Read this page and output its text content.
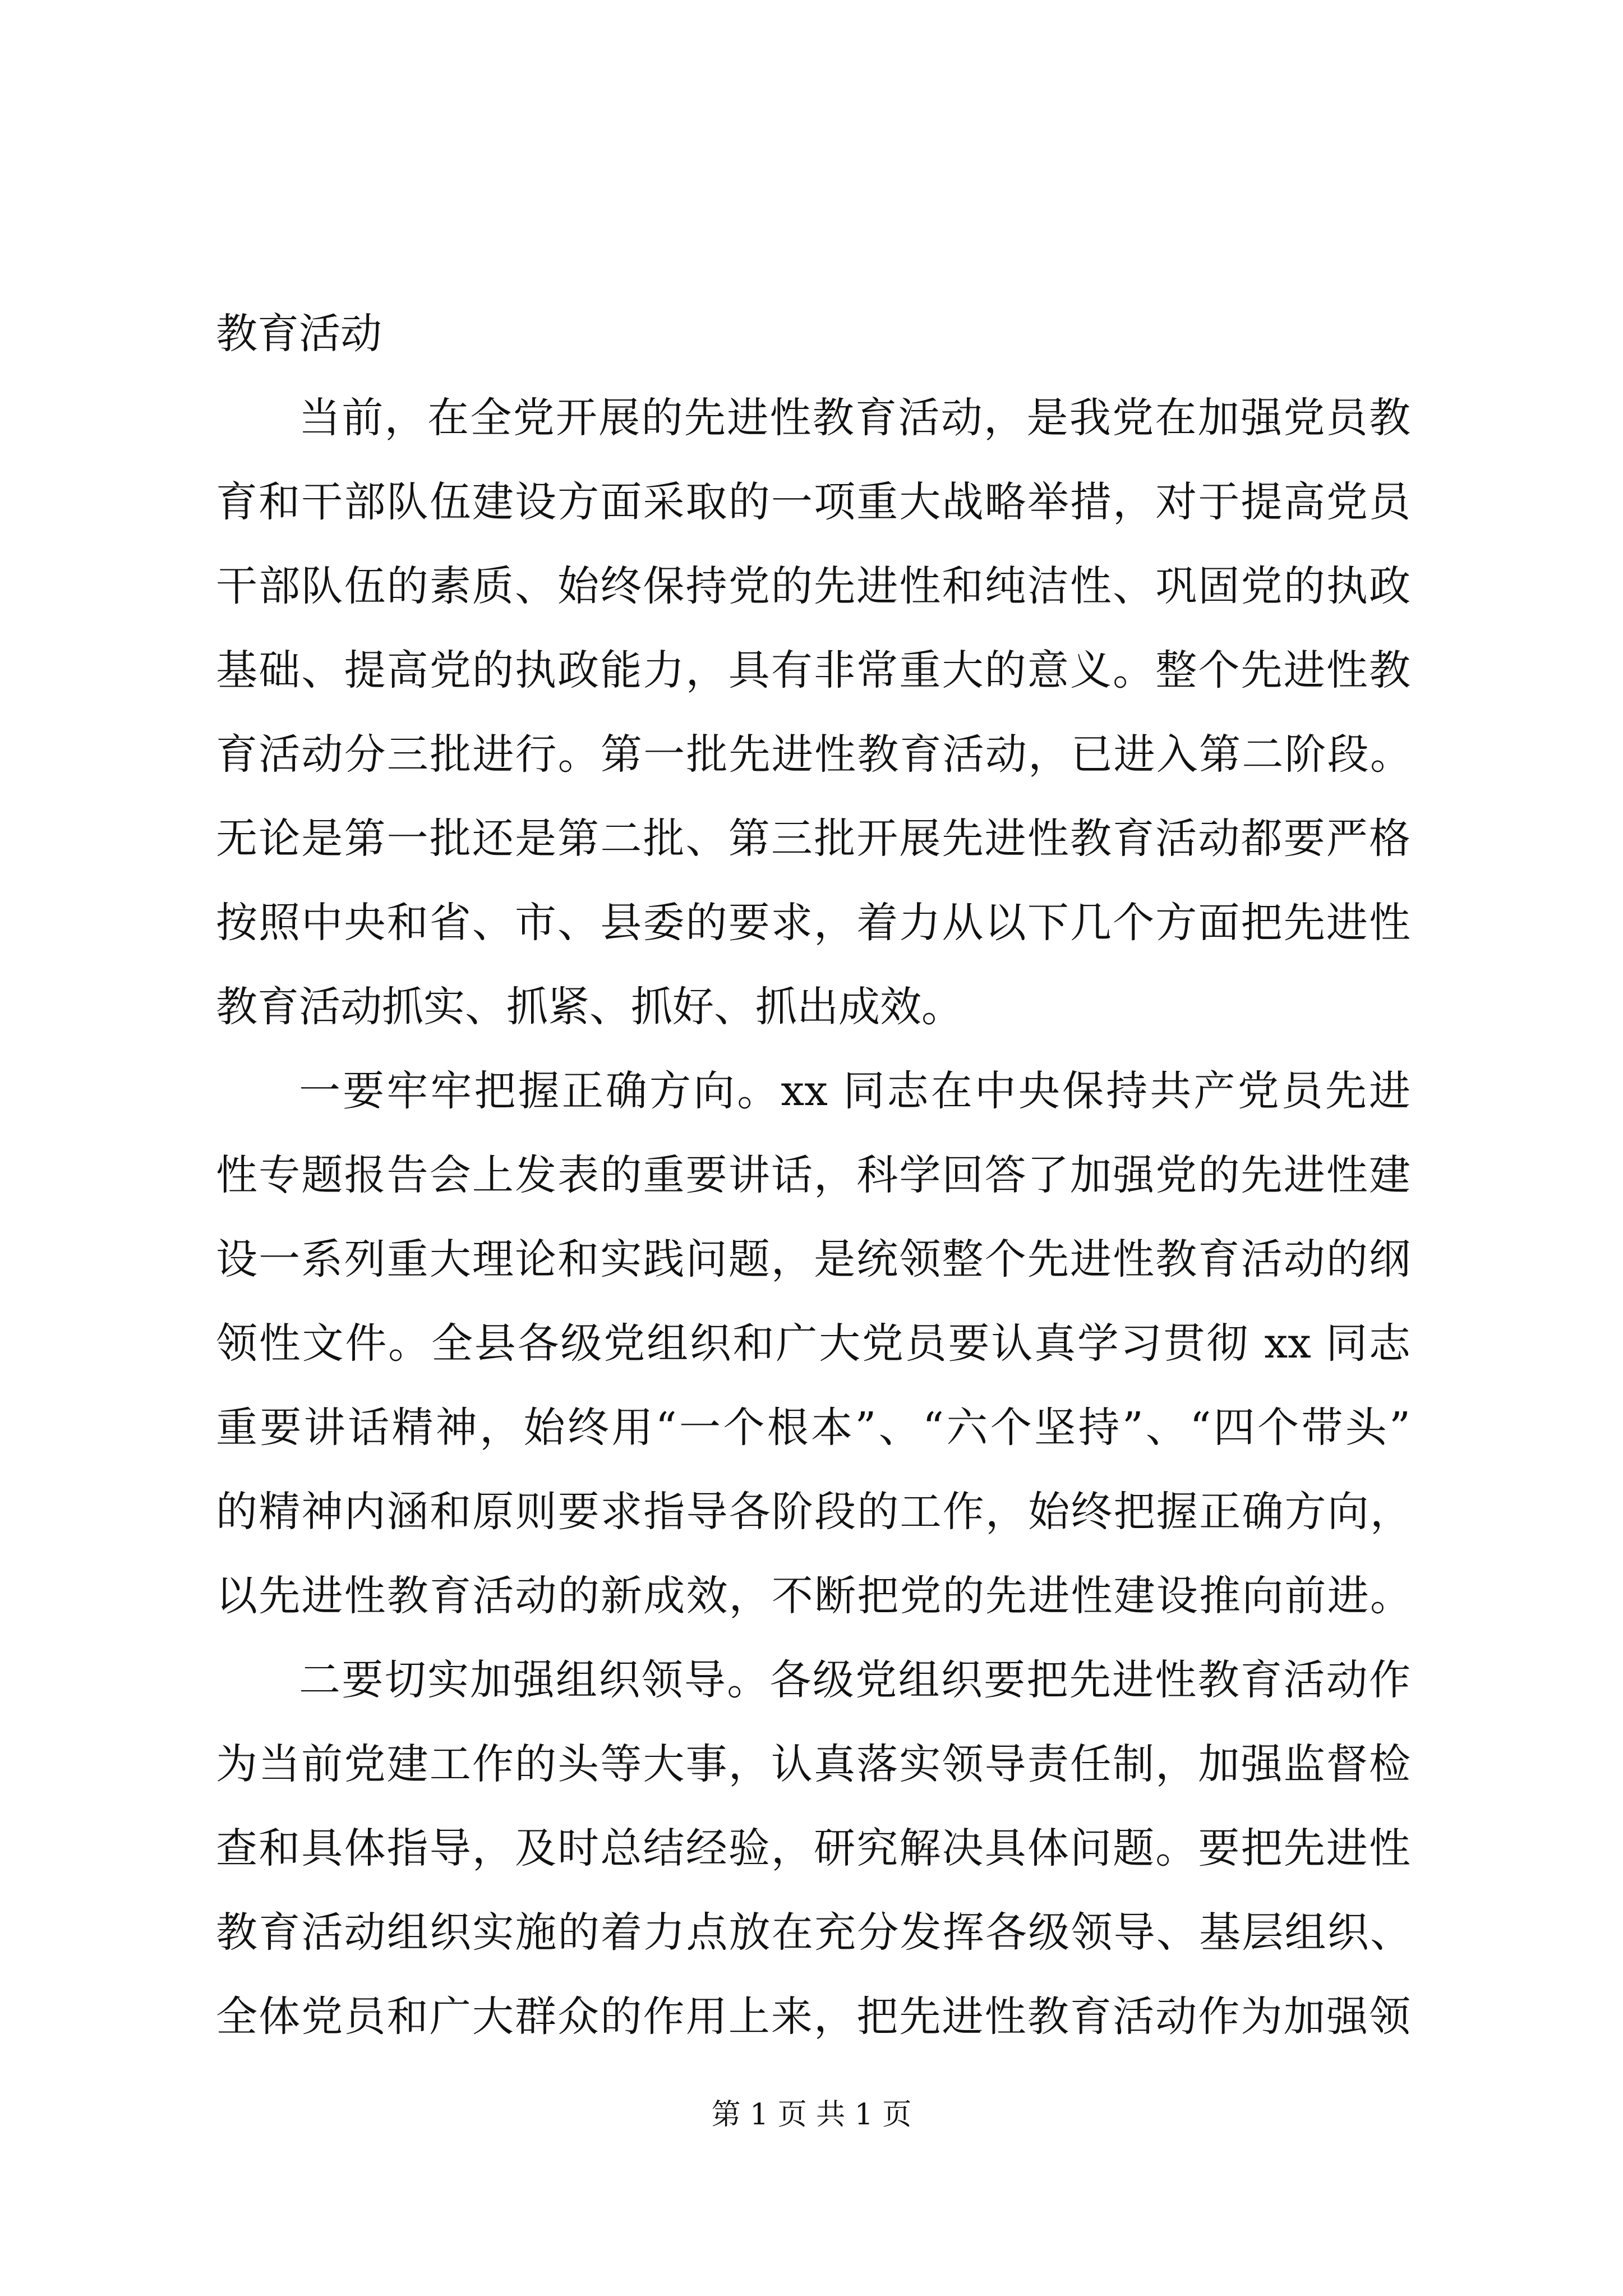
教育活动
当前，在全党开展的先进性教育活动，是我党在加强党员教
育和干部队伍建设方面采取的一项重大战略举措，对于提高党员
干部队伍的素质、始终保持党的先进性和纯洁性、巩固党的执政
基础、提高党的执政能力，具有非常重大的意义。整个先进性教
育活动分三批进行。第一批先进性教育活动，已进入第二阶段。
无论是第一批还是第二批、第三批开展先进性教育活动都要严格
按照中央和省、市、县委的要求，着力从以下几个方面把先进性
教育活动抓实、抓紧、抓好、抓出成效。
一要牢牢把握正确方向。xx 同志在中央保持共产党员先进
性专题报告会上发表的重要讲话，科学回答了加强党的先进性建
设一系列重大理论和实践问题，是统领整个先进性教育活动的纲
领性文件。全县各级党组织和广大党员要认真学习贯彻 xx 同志
重要讲话精神，始终用“一个根本”、“六个坚持”、“四个带头”
的精神内涵和原则要求指导各阶段的工作，始终把握正确方向，
以先进性教育活动的新成效，不断把党的先进性建设推向前进。
二要切实加强组织领导。各级党组织要把先进性教育活动作
为当前党建工作的头等大事，认真落实领导责任制，加强监督检
查和具体指导，及时总结经验，研究解决具体问题。要把先进性
教育活动组织实施的着力点放在充分发挥各级领导、基层组织、
全体党员和广大群众的作用上来，把先进性教育活动作为加强领
第 1 页 共 1 页
